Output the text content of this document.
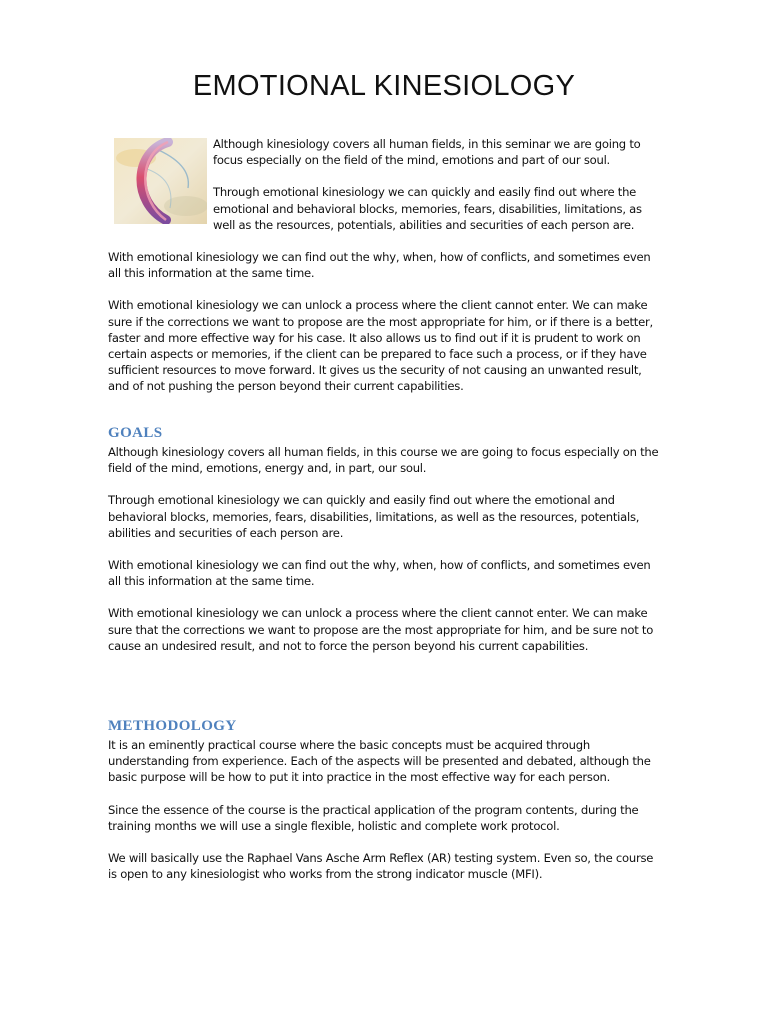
EMOTIONAL KINESIOLOGY

Although kinesiology covers all human fields, in this seminar we are going to focus especially on the field of the mind, emotions and part of our soul.

Through emotional kinesiology we can quickly and easily find out where the emotional and behavioral blocks, memories, fears, disabilities, limitations, as well as the resources, potentials, abilities and securities of each person are.

With emotional kinesiology we can find out the why, when, how of conflicts, and sometimes even all this information at the same time.

With emotional kinesiology we can unlock a process where the client cannot enter. We can make sure if the corrections we want to propose are the most appropriate for him, or if there is a better, faster and more effective way for his case. It also allows us to find out if it is prudent to work on certain aspects or memories, if the client can be prepared to face such a process, or if they have sufficient resources to move forward. It gives us the security of not causing an unwanted result, and of not pushing the person beyond their current capabilities.

GOALS

Although kinesiology covers all human fields, in this course we are going to focus especially on the field of the mind, emotions, energy and, in part, our soul.

Through emotional kinesiology we can quickly and easily find out where the emotional and behavioral blocks, memories, fears, disabilities, limitations, as well as the resources, potentials, abilities and securities of each person are.

With emotional kinesiology we can find out the why, when, how of conflicts, and sometimes even all this information at the same time.

With emotional kinesiology we can unlock a process where the client cannot enter. We can make sure that the corrections we want to propose are the most appropriate for him, and be sure not to cause an undesired result, and not to force the person beyond his current capabilities.

METHODOLOGY

It is an eminently practical course where the basic concepts must be acquired through understanding from experience. Each of the aspects will be presented and debated, although the basic purpose will be how to put it into practice in the most effective way for each person.

Since the essence of the course is the practical application of the program contents, during the training months we will use a single flexible, holistic and complete work protocol.

We will basically use the Raphael Vans Asche Arm Reflex (AR) testing system. Even so, the course is open to any kinesiologist who works from the strong indicator muscle (MFI).
